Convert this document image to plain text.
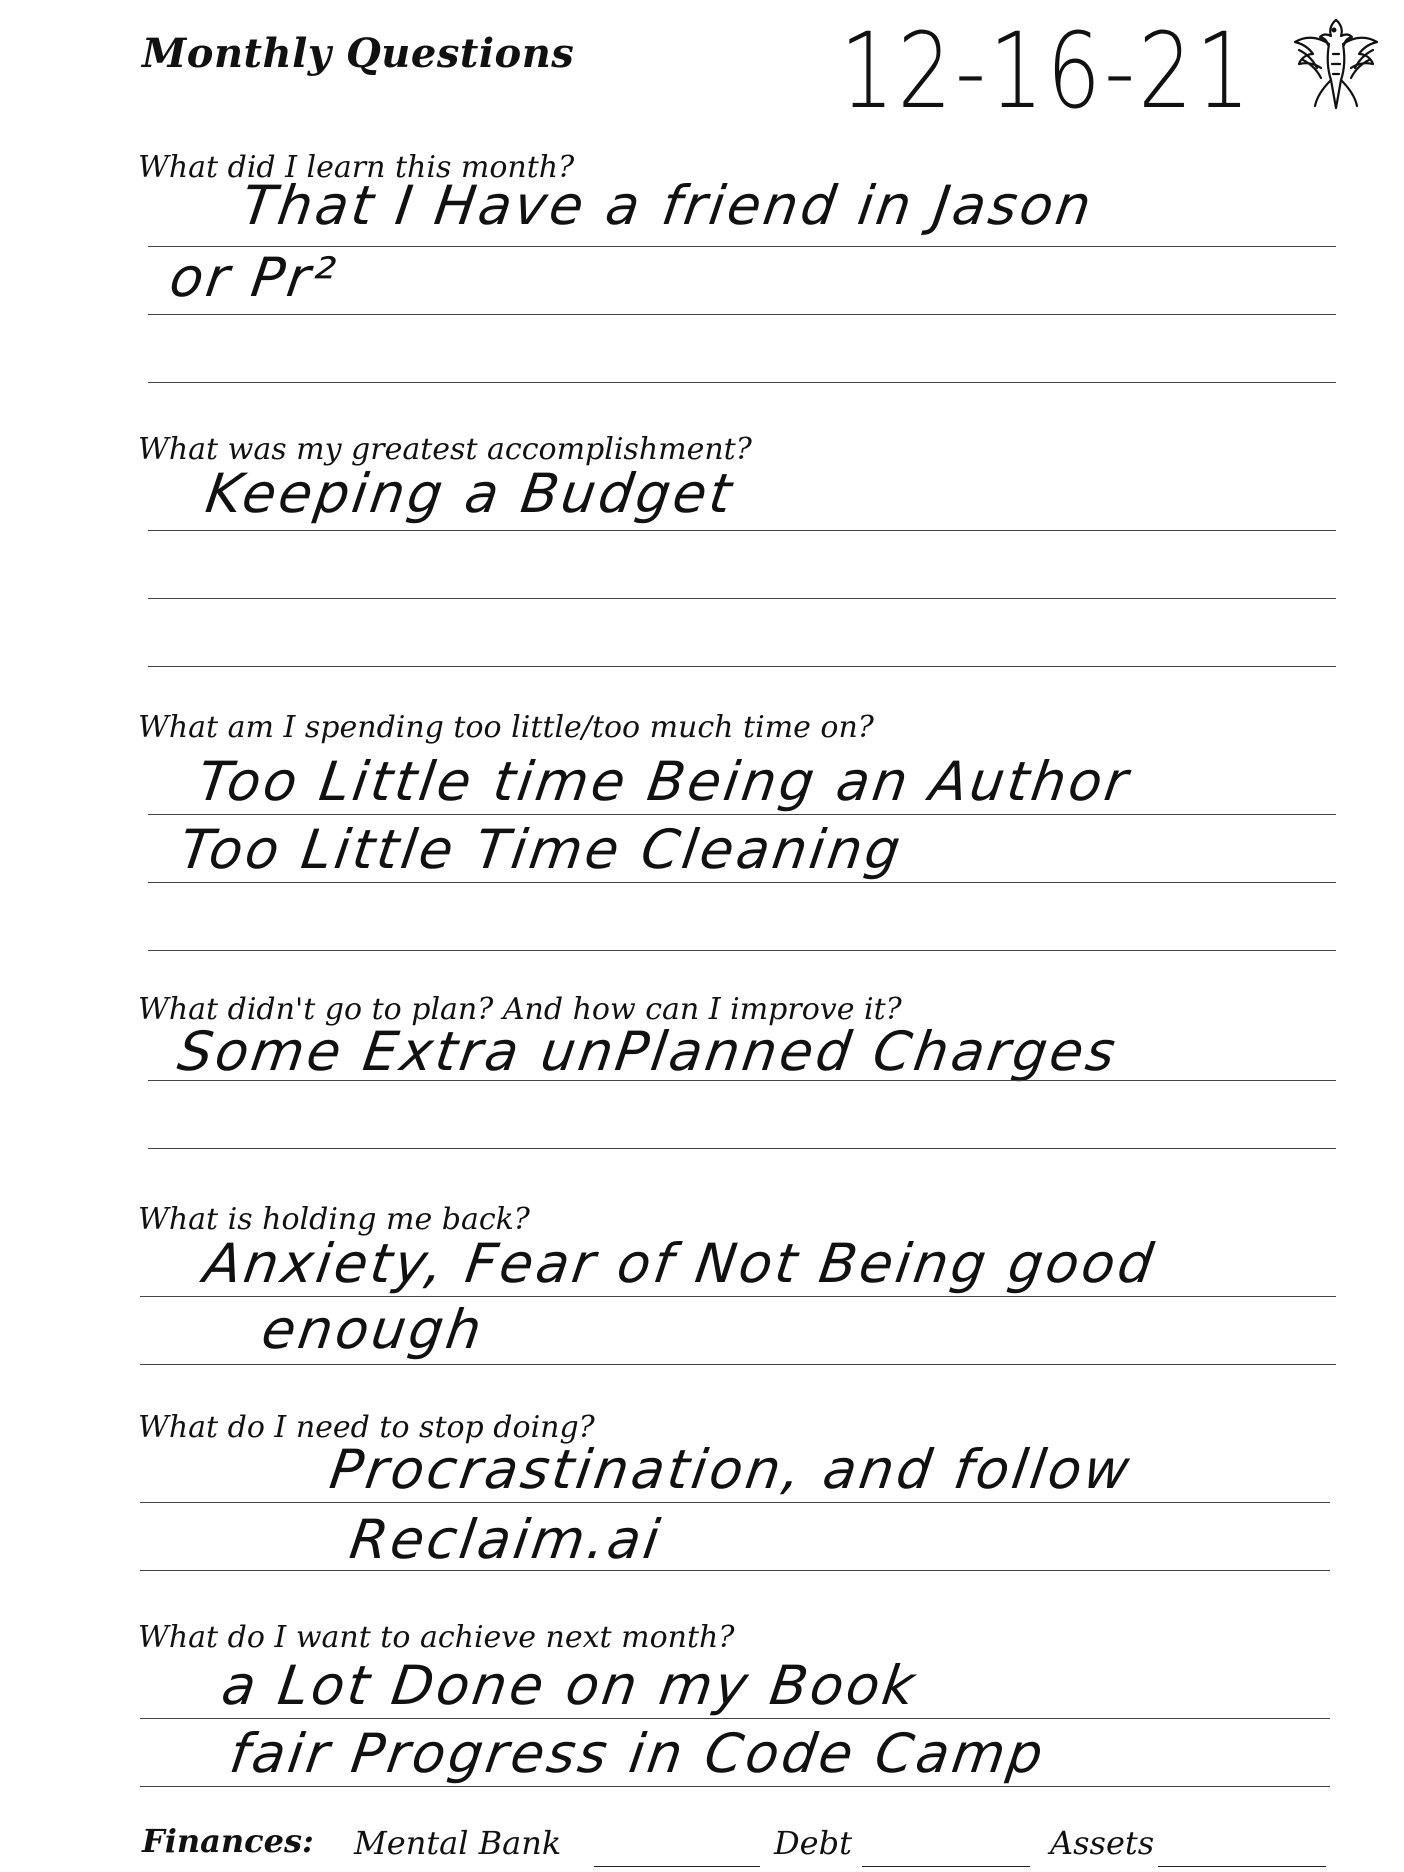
Monthly Questions	12-16-21
What did I learn this month?
That I Have a friend in Jason
or Pr²
What was my greatest accomplishment?
Keeping a Budget
What am I spending too little/too much time on?
Too Little time Being an Author
Too Little Time Cleaning
What didn't go to plan? And how can I improve it?
Some Extra unPlanned Charges
What is holding me back?
Anxiety, Fear of Not Being good
enough
What do I need to stop doing?
Procrastination, and follow
Reclaim.ai
What do I want to achieve next month?
a Lot Done on my Book
fair Progress in Code Camp
Finances: Mental Bank	Debt	Assets
